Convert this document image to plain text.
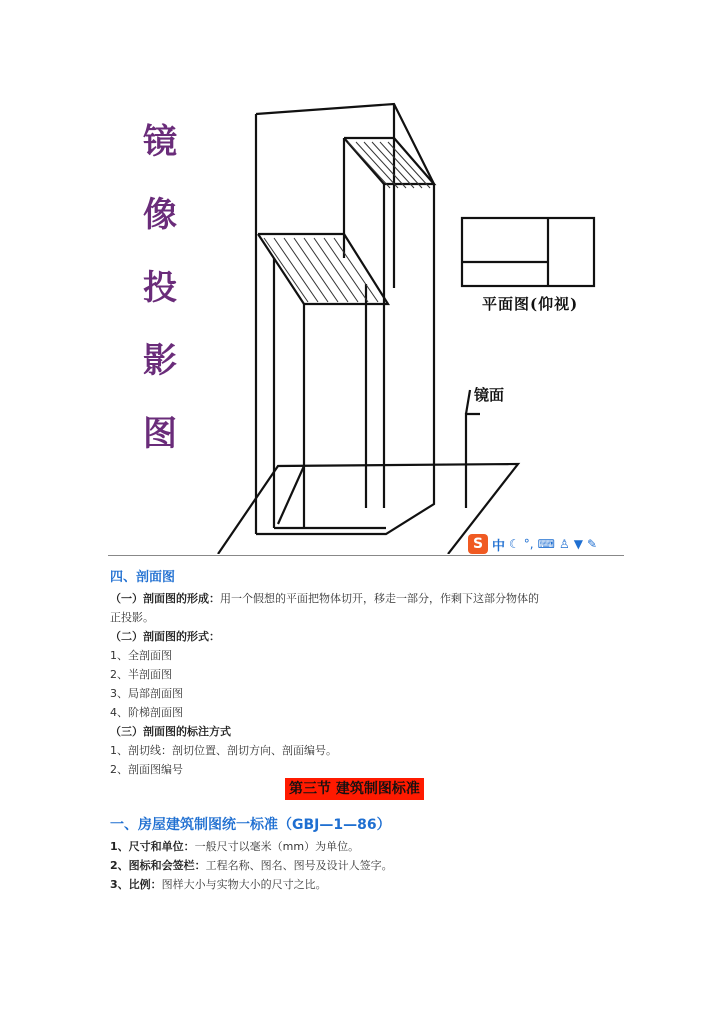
镜
像
投
影
图
平面图(仰视)
镜面
S 中 ☾ °, ⌨ ♙ ▼ ✎
四、剖面图
（一）剖面图的形成：用一个假想的平面把物体切开，移走一部分，作剩下这部分物体的
正投影。
（二）剖面图的形式：
1、全剖面图
2、半剖面图
3、局部剖面图
4、阶梯剖面图
（三）剖面图的标注方式
1、剖切线：剖切位置、剖切方向、剖面编号。
2、剖面图编号
第三节 建筑制图标准
一、房屋建筑制图统一标准（GBJ—1—86）
1、尺寸和单位：一般尺寸以毫米（mm）为单位。
2、图标和会签栏：工程名称、图名、图号及设计人签字。
3、比例：图样大小与实物大小的尺寸之比。
